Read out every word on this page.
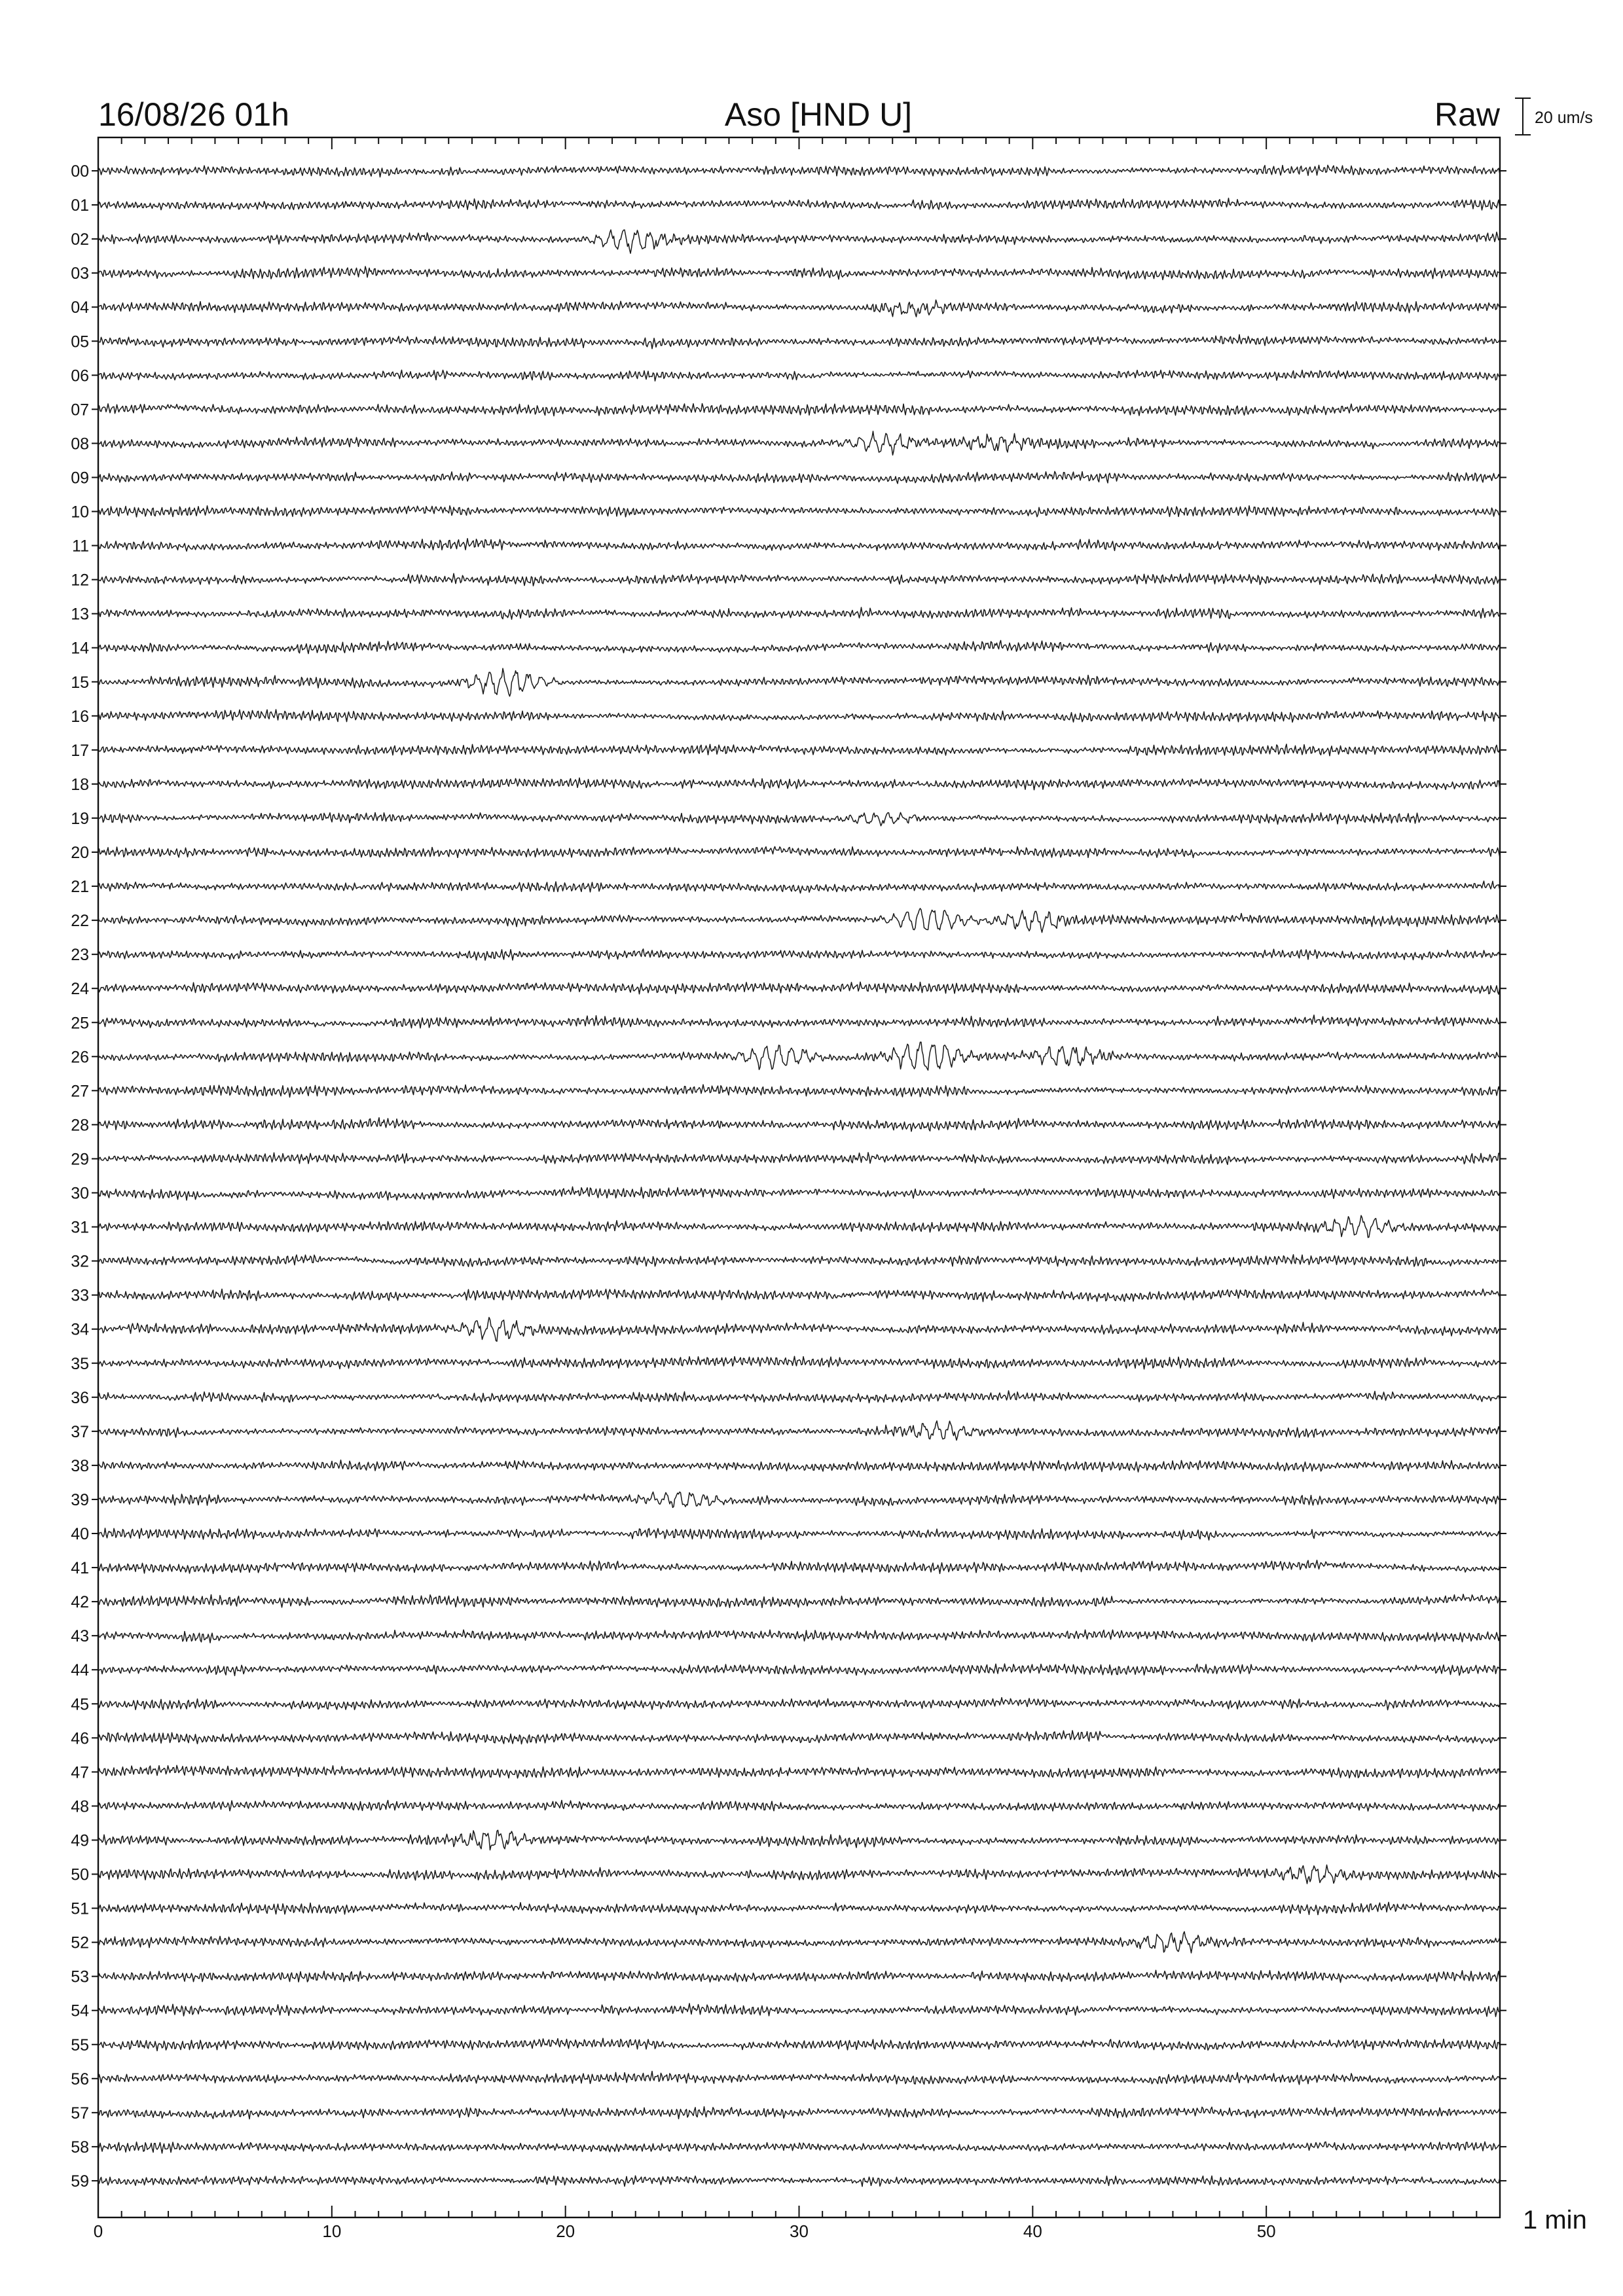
16/08/26 01h	Aso [HND U]	Raw 20 um/s
00
01
02
03
04
05
06
07
08
09
10
11
12
13
14
15
16
17
18
19
20
21
22
23
24
25
26
27
28
29
30
31
32
33
34
35
36
37
38
39
40
41
42
43
44
45
46
47
48
49
50
51
52
53
54
55
56
57
58
59
0	10	20	30	40	50	1 min
